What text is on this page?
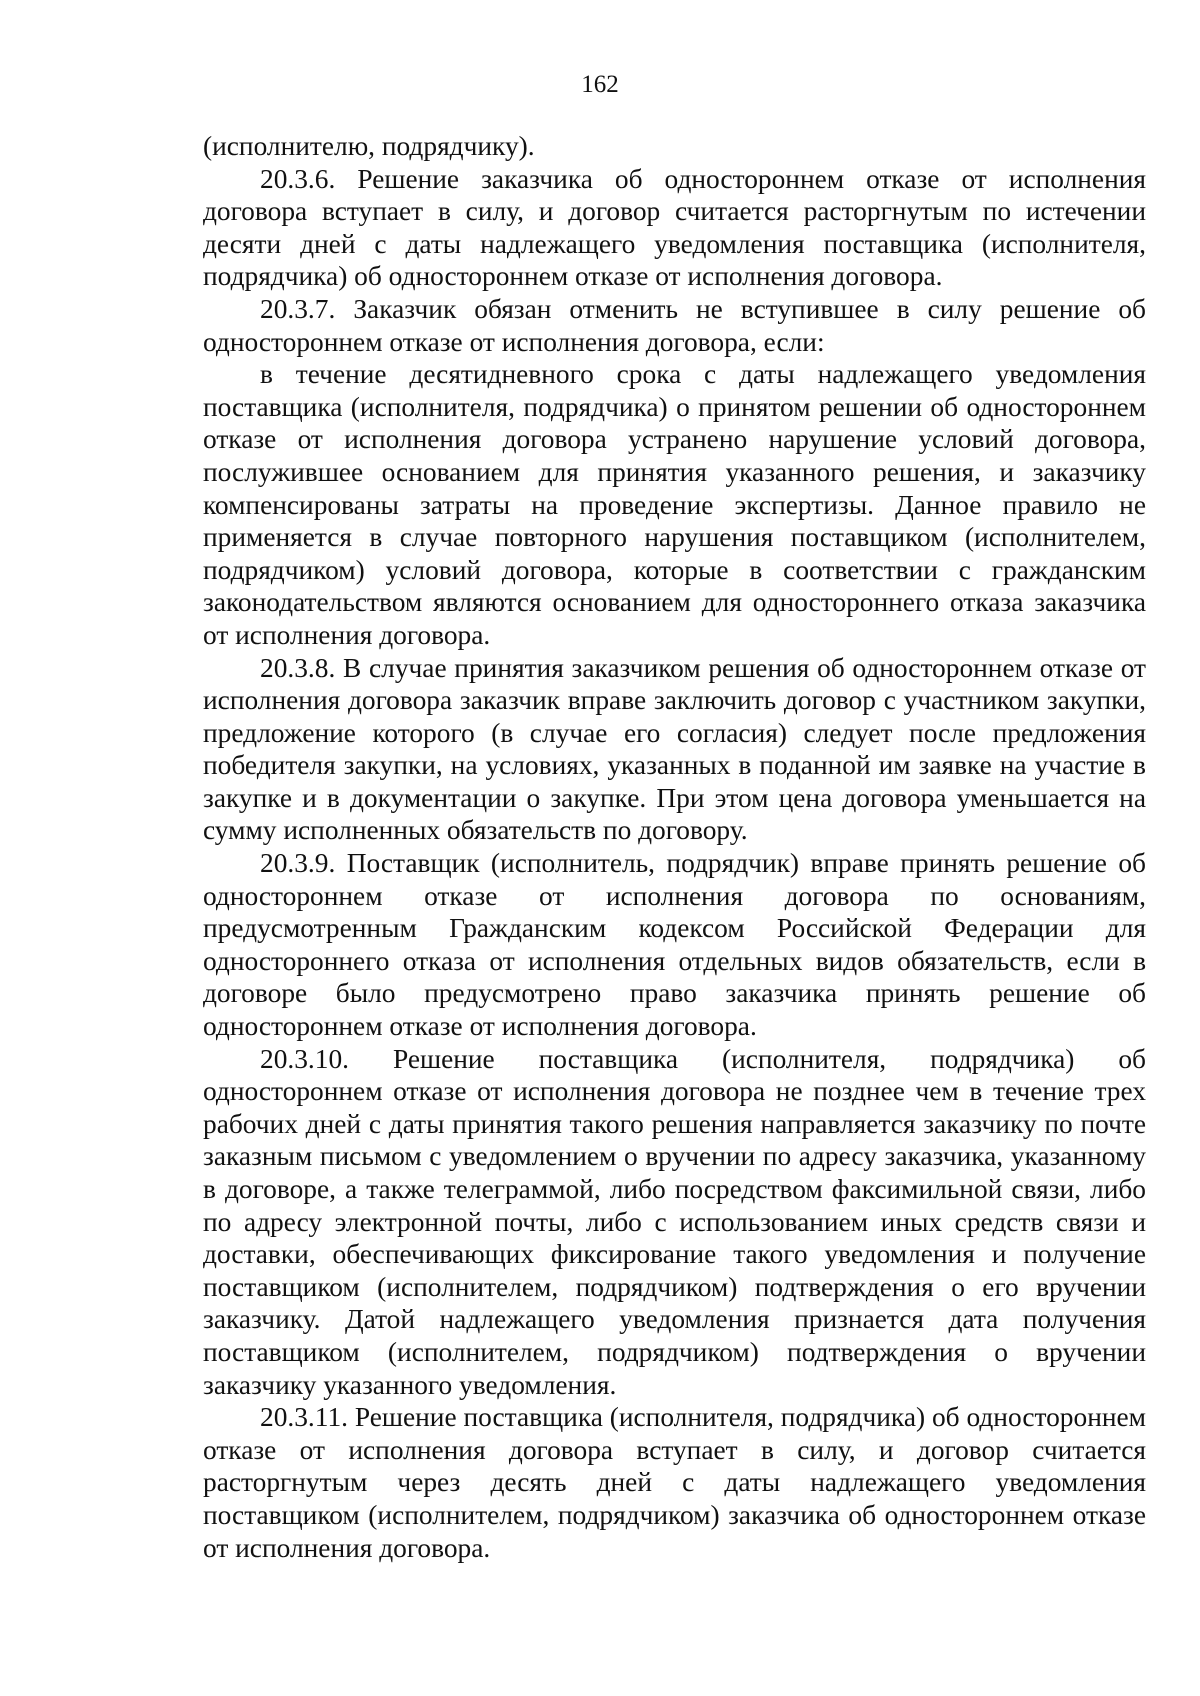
162

(исполнителю, подрядчику).

20.3.6. Решение заказчика об одностороннем отказе от исполнения договора вступает в силу, и договор считается расторгнутым по истечении десяти дней с даты надлежащего уведомления поставщика (исполнителя, подрядчика) об одностороннем отказе от исполнения договора.

20.3.7. Заказчик обязан отменить не вступившее в силу решение об одностороннем отказе от исполнения договора, если:

в течение десятидневного срока с даты надлежащего уведомления поставщика (исполнителя, подрядчика) о принятом решении об одностороннем отказе от исполнения договора устранено нарушение условий договора, послужившее основанием для принятия указанного решения, и заказчику компенсированы затраты на проведение экспертизы. Данное правило не применяется в случае повторного нарушения поставщиком (исполнителем, подрядчиком) условий договора, которые в соответствии с гражданским законодательством являются основанием для одностороннего отказа заказчика от исполнения договора.

20.3.8. В случае принятия заказчиком решения об одностороннем отказе от исполнения договора заказчик вправе заключить договор с участником закупки, предложение которого (в случае его согласия) следует после предложения победителя закупки, на условиях, указанных в поданной им заявке на участие в закупке и в документации о закупке. При этом цена договора уменьшается на сумму исполненных обязательств по договору.

20.3.9. Поставщик (исполнитель, подрядчик) вправе принять решение об одностороннем отказе от исполнения договора по основаниям, предусмотренным Гражданским кодексом Российской Федерации для одностороннего отказа от исполнения отдельных видов обязательств, если в договоре было предусмотрено право заказчика принять решение об одностороннем отказе от исполнения договора.

20.3.10. Решение поставщика (исполнителя, подрядчика) об одностороннем отказе от исполнения договора не позднее чем в течение трех рабочих дней с даты принятия такого решения направляется заказчику по почте заказным письмом с уведомлением о вручении по адресу заказчика, указанному в договоре, а также телеграммой, либо посредством факсимильной связи, либо по адресу электронной почты, либо с использованием иных средств связи и доставки, обеспечивающих фиксирование такого уведомления и получение поставщиком (исполнителем, подрядчиком) подтверждения о его вручении заказчику. Датой надлежащего уведомления признается дата получения поставщиком (исполнителем, подрядчиком) подтверждения о вручении заказчику указанного уведомления.

20.3.11. Решение поставщика (исполнителя, подрядчика) об одностороннем отказе от исполнения договора вступает в силу, и договор считается расторгнутым через десять дней с даты надлежащего уведомления поставщиком (исполнителем, подрядчиком) заказчика об одностороннем отказе от исполнения договора.
